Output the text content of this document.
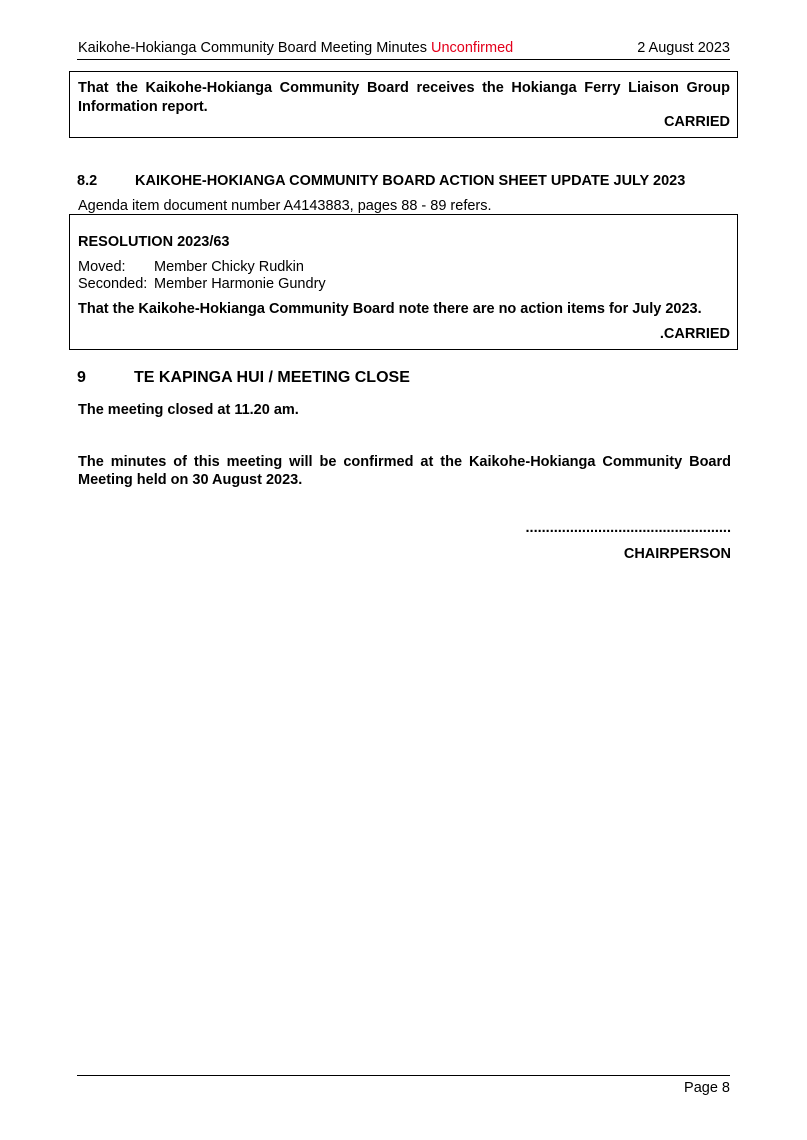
Kaikohe-Hokianga Community Board Meeting Minutes Unconfirmed	2 August 2023

That the Kaikohe-Hokianga Community Board receives the Hokianga Ferry Liaison Group Information report.

CARRIED
8.2	KAIKOHE-HOKIANGA COMMUNITY BOARD ACTION SHEET UPDATE JULY 2023
Agenda item document number A4143883, pages 88 - 89 refers.
RESOLUTION 2023/63
Moved: Member Chicky Rudkin
Seconded: Member Harmonie Gundry
That the Kaikohe-Hokianga Community Board note there are no action items for July 2023.
.CARRIED
9	TE KAPINGA HUI / MEETING CLOSE
The meeting closed at 11.20 am.

The minutes of this meeting will be confirmed at the Kaikohe-Hokianga Community Board Meeting held on 30 August 2023.

...................................................
CHAIRPERSON
Page 8
